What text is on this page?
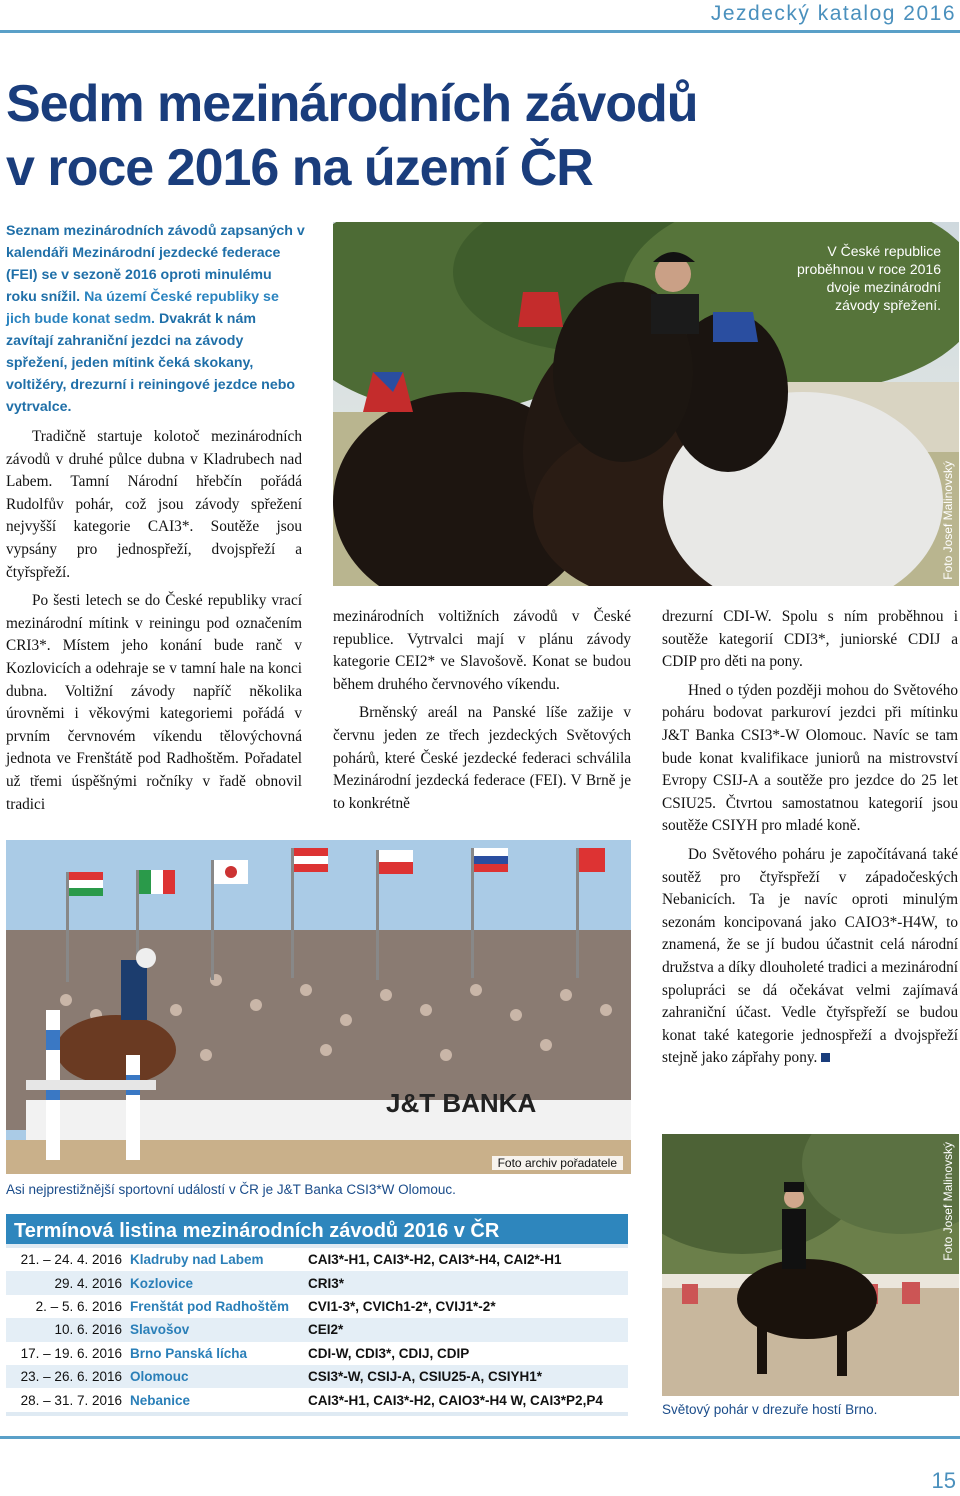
Jezdecký katalog 2016
Sedm mezinárodních závodů
v roce 2016 na území ČR
Seznam mezinárodních závodů zapsaných v kalendáři Mezinárodní jezdecké federace (FEI) se v sezoně 2016 oproti minulému roku snížil. Na území České republiky se jich bude konat sedm. Dvakrát k nám zavítají zahraniční jezdci na závody spřežení, jeden mítink čeká skokany, voltižéry, drezurní i reiningové jezdce nebo vytrvalce.
V České republice proběhnou v roce 2016 dvoje mezinárodní závody spřežení.
Foto Josef Malinovský

Tradičně startuje kolotoč mezinárodních závodů v druhé půlce dubna v Kladrubech nad Labem. Tamní Národní hřebčín pořádá Rudolfův pohár, což jsou závody spřežení nejvyšší kategorie CAI3*. Soutěže jsou vypsány pro jednospřeží, dvojspřeží a čtyřspřeží.

Po šesti letech se do České republiky vrací mezinárodní mítink v reiningu pod označením CRI3*. Místem jeho konání bude ranč v Kozlovicích a odehraje se v tamní hale na konci dubna. Voltižní závody napříč několika úrovněmi i věkovými kategoriemi pořádá v prvním červnovém víkendu tělovýchovná jednota ve Frenštátě pod Radhoštěm. Pořadatel už třemi úspěšnými ročníky v řadě obnovil tradici

mezinárodních voltižních závodů v České republice. Vytrvalci mají v plánu závody kategorie CEI2* ve Slavošově. Konat se budou během druhého červnového víkendu.

Brněnský areál na Panské líše zažije v červnu jeden ze třech jezdeckých Světových pohárů, které České jezdecké federaci schválila Mezinárodní jezdecká federace (FEI). V Brně je to konkrétně

drezurní CDI-W. Spolu s ním proběhnou i soutěže kategorií CDI3*, juniorské CDIJ a CDIP pro děti na pony.

Hned o týden později mohou do Světového poháru bodovat parkuroví jezdci při mítinku J&T Banka CSI3*-W Olomouc. Navíc se tam bude konat kvalifikace juniorů na mistrovství Evropy CSIJ-A a soutěže pro jezdce do 25 let CSIU25. Čtvrtou samostatnou kategorií jsou soutěže CSIYH pro mladé koně.

Do Světového poháru je započítávaná také soutěž pro čtyřspřeží v západočeských Nebanicích. Ta je navíc oproti minulým sezonám koncipovaná jako CAIO3*-H4W, to znamená, že se jí budou účastnit celá národní družstva a díky dlouholeté tradici a mezinárodní spolupráci se dá očekávat velmi zajímavá zahraniční účast. Vedle čtyřspřeží se budou konat také kategorie jednospřeží a dvojspřeží stejně jako zápřahy pony.

J&T BANKA
Foto archiv pořadatele
Asi nejprestižnější sportovní událostí v ČR je J&T Banka CSI3*W Olomouc.
Termínová listina mezinárodních závodů 2016 v ČR
21. – 24. 4. 2016	Kladruby nad Labem	CAI3*-H1, CAI3*-H2, CAI3*-H4, CAI2*-H1
29. 4. 2016	Kozlovice	CRI3*
2. – 5. 6. 2016	Frenštát pod Radhoštěm	CVI1-3*, CVICh1-2*, CVIJ1*-2*
10. 6. 2016	Slavošov	CEI2*
17. – 19. 6. 2016	Brno Panská lícha	CDI-W, CDI3*, CDIJ, CDIP
23. – 26. 6. 2016	Olomouc	CSI3*-W, CSIJ-A, CSIU25-A, CSIYH1*
28. – 31. 7. 2016	Nebanice	CAI3*-H1, CAI3*-H2, CAIO3*-H4 W, CAI3*P2,P4
Foto Josef Malinovský
Světový pohár v drezuře hostí Brno.
15
